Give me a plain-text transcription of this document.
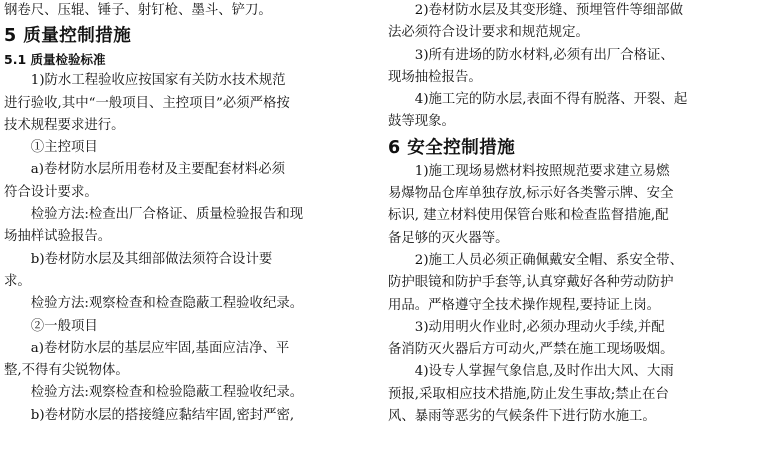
钢卷尺、压辊、锤子、射钉枪、墨斗、铲刀。

5 质量控制措施

5.1 质量检验标准

1)防水工程验收应按国家有关防水技术规范
进行验收,其中“一般项目、主控项目”必须严格按
技术规程要求进行。

①主控项目

a)卷材防水层所用卷材及主要配套材料必须
符合设计要求。

检验方法:检查出厂合格证、质量检验报告和现
场抽样试验报告。

b)卷材防水层及其细部做法须符合设计要
求。

检验方法:观察检查和检查隐蔽工程验收纪录。

②一般项目

a)卷材防水层的基层应牢固,基面应洁净、平
整,不得有尖锐物体。

检验方法:观察检查和检验隐蔽工程验收纪录。

b)卷材防水层的搭接缝应黏结牢固,密封严密,

2)卷材防水层及其变形缝、预埋管件等细部做
法必须符合设计要求和规范规定。

3)所有进场的防水材料,必须有出厂合格证、
现场抽检报告。

4)施工完的防水层,表面不得有脱落、开裂、起
鼓等现象。

6 安全控制措施

1)施工现场易燃材料按照规范要求建立易燃
易爆物品仓库单独存放,标示好各类警示牌、安全
标识, 建立材料使用保管台账和检查监督措施,配
备足够的灭火器等。

2)施工人员必须正确佩戴安全帽、系安全带、
防护眼镜和防护手套等,认真穿戴好各种劳动防护
用品。严格遵守全技术操作规程,要持证上岗。

3)动用明火作业时,必须办理动火手续,并配
备消防灭火器后方可动火,严禁在施工现场吸烟。

4)设专人掌握气象信息,及时作出大风、大雨
预报,采取相应技术措施,防止发生事故;禁止在台
风、暴雨等恶劣的气候条件下进行防水施工。
